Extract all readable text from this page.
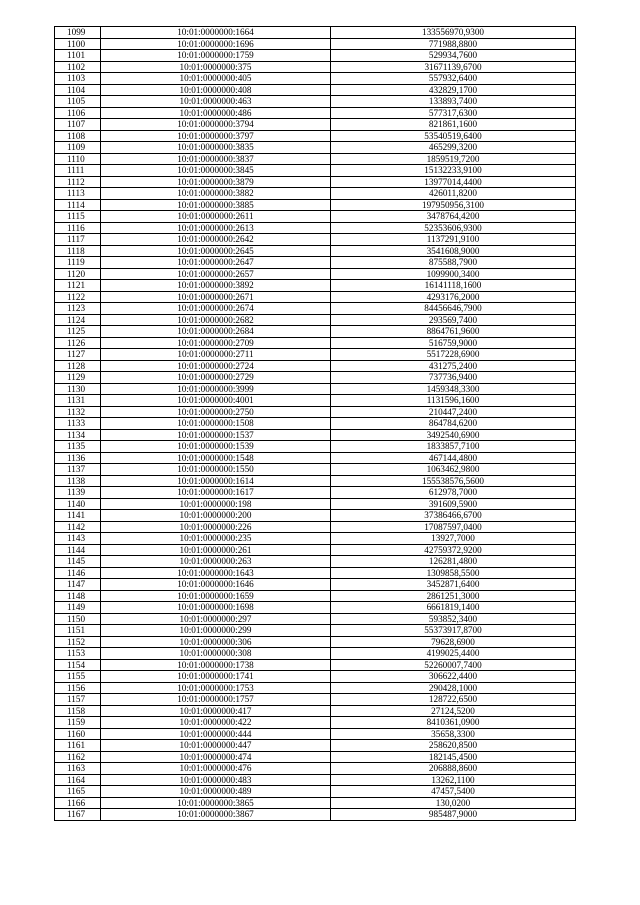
1099	10:01:0000000:1664	133556970,9300
1100	10:01:0000000:1696	771988,8800
1101	10:01:0000000:1759	529934,7600
1102	10:01:0000000:375	31671139,6700
1103	10:01:0000000:405	557932,6400
1104	10:01:0000000:408	432829,1700
1105	10:01:0000000:463	133893,7400
1106	10:01:0000000:486	577317,6300
1107	10:01:0000000:3794	821861,1600
1108	10:01:0000000:3797	53540519,6400
1109	10:01:0000000:3835	465299,3200
1110	10:01:0000000:3837	1859519,7200
1111	10:01:0000000:3845	15132233,9100
1112	10:01:0000000:3879	13977014,4400
1113	10:01:0000000:3882	426011,8200
1114	10:01:0000000:3885	197950956,3100
1115	10:01:0000000:2611	3478764,4200
1116	10:01:0000000:2613	52353606,9300
1117	10:01:0000000:2642	1137291,9100
1118	10:01:0000000:2645	3541608,9000
1119	10:01:0000000:2647	875588,7900
1120	10:01:0000000:2657	1099900,3400
1121	10:01:0000000:3892	16141118,1600
1122	10:01:0000000:2671	4293176,2000
1123	10:01:0000000:2674	84456646,7900
1124	10:01:0000000:2682	293569,7400
1125	10:01:0000000:2684	8864761,9600
1126	10:01:0000000:2709	516759,9000
1127	10:01:0000000:2711	5517228,6900
1128	10:01:0000000:2724	431275,2400
1129	10:01:0000000:2729	737736,9400
1130	10:01:0000000:3999	1459348,3300
1131	10:01:0000000:4001	1131596,1600
1132	10:01:0000000:2750	210447,2400
1133	10:01:0000000:1508	864784,6200
1134	10:01:0000000:1537	3492540,6900
1135	10:01:0000000:1539	1833857,7100
1136	10:01:0000000:1548	467144,4800
1137	10:01:0000000:1550	1063462,9800
1138	10:01:0000000:1614	155538576,5600
1139	10:01:0000000:1617	612978,7000
1140	10:01:0000000:198	391609,5900
1141	10:01:0000000:200	37386466,6700
1142	10:01:0000000:226	17087597,0400
1143	10:01:0000000:235	13927,7000
1144	10:01:0000000:261	42759372,9200
1145	10:01:0000000:263	126281,4800
1146	10:01:0000000:1643	1309858,5500
1147	10:01:0000000:1646	3452871,6400
1148	10:01:0000000:1659	2861251,3000
1149	10:01:0000000:1698	6661819,1400
1150	10:01:0000000:297	593852,3400
1151	10:01:0000000:299	55373917,8700
1152	10:01:0000000:306	79628,6900
1153	10:01:0000000:308	4199025,4400
1154	10:01:0000000:1738	52260007,7400
1155	10:01:0000000:1741	306622,4400
1156	10:01:0000000:1753	290428,1000
1157	10:01:0000000:1757	128722,6500
1158	10:01:0000000:417	27124,5200
1159	10:01:0000000:422	8410361,0900
1160	10:01:0000000:444	35658,3300
1161	10:01:0000000:447	258620,8500
1162	10:01:0000000:474	182145,4500
1163	10:01:0000000:476	206888,8600
1164	10:01:0000000:483	13262,1100
1165	10:01:0000000:489	47457,5400
1166	10:01:0000000:3865	130,0200
1167	10:01:0000000:3867	985487,9000
